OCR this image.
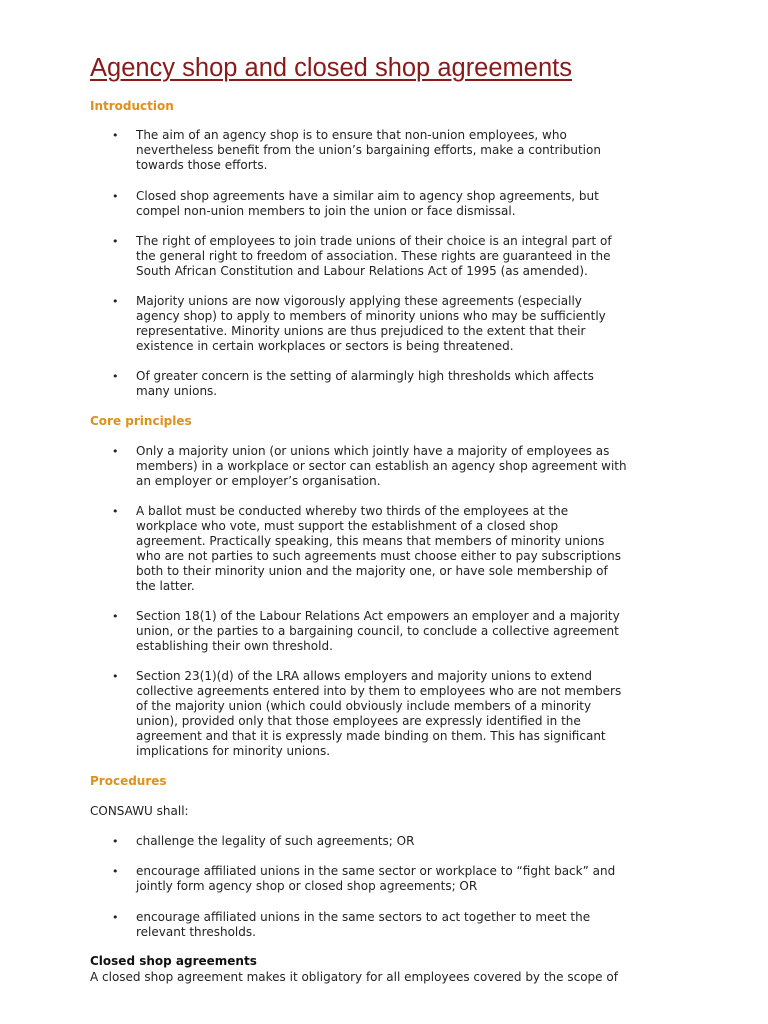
Agency shop and closed shop agreements
Introduction
•	The aim of an agency shop is to ensure that non-union employees, who
nevertheless benefit from the union’s bargaining efforts, make a contribution
towards those efforts.
•	Closed shop agreements have a similar aim to agency shop agreements, but
compel non-union members to join the union or face dismissal.
•	The right of employees to join trade unions of their choice is an integral part of
the general right to freedom of association. These rights are guaranteed in the
South African Constitution and Labour Relations Act of 1995 (as amended).
•	Majority unions are now vigorously applying these agreements (especially
agency shop) to apply to members of minority unions who may be sufficiently
representative. Minority unions are thus prejudiced to the extent that their
existence in certain workplaces or sectors is being threatened.
•	Of greater concern is the setting of alarmingly high thresholds which affects
many unions.
Core principles
•	Only a majority union (or unions which jointly have a majority of employees as
members) in a workplace or sector can establish an agency shop agreement with
an employer or employer’s organisation.
•	A ballot must be conducted whereby two thirds of the employees at the
workplace who vote, must support the establishment of a closed shop
agreement. Practically speaking, this means that members of minority unions
who are not parties to such agreements must choose either to pay subscriptions
both to their minority union and the majority one, or have sole membership of
the latter.
•	Section 18(1) of the Labour Relations Act empowers an employer and a majority
union, or the parties to a bargaining council, to conclude a collective agreement
establishing their own threshold.
•	Section 23(1)(d) of the LRA allows employers and majority unions to extend
collective agreements entered into by them to employees who are not members
of the majority union (which could obviously include members of a minority
union), provided only that those employees are expressly identified in the
agreement and that it is expressly made binding on them. This has significant
implications for minority unions.
Procedures
CONSAWU shall:
•	challenge the legality of such agreements; OR
•	encourage affiliated unions in the same sector or workplace to “fight back” and
jointly form agency shop or closed shop agreements; OR
•	encourage affiliated unions in the same sectors to act together to meet the
relevant thresholds.
Closed shop agreements
A closed shop agreement makes it obligatory for all employees covered by the scope of
